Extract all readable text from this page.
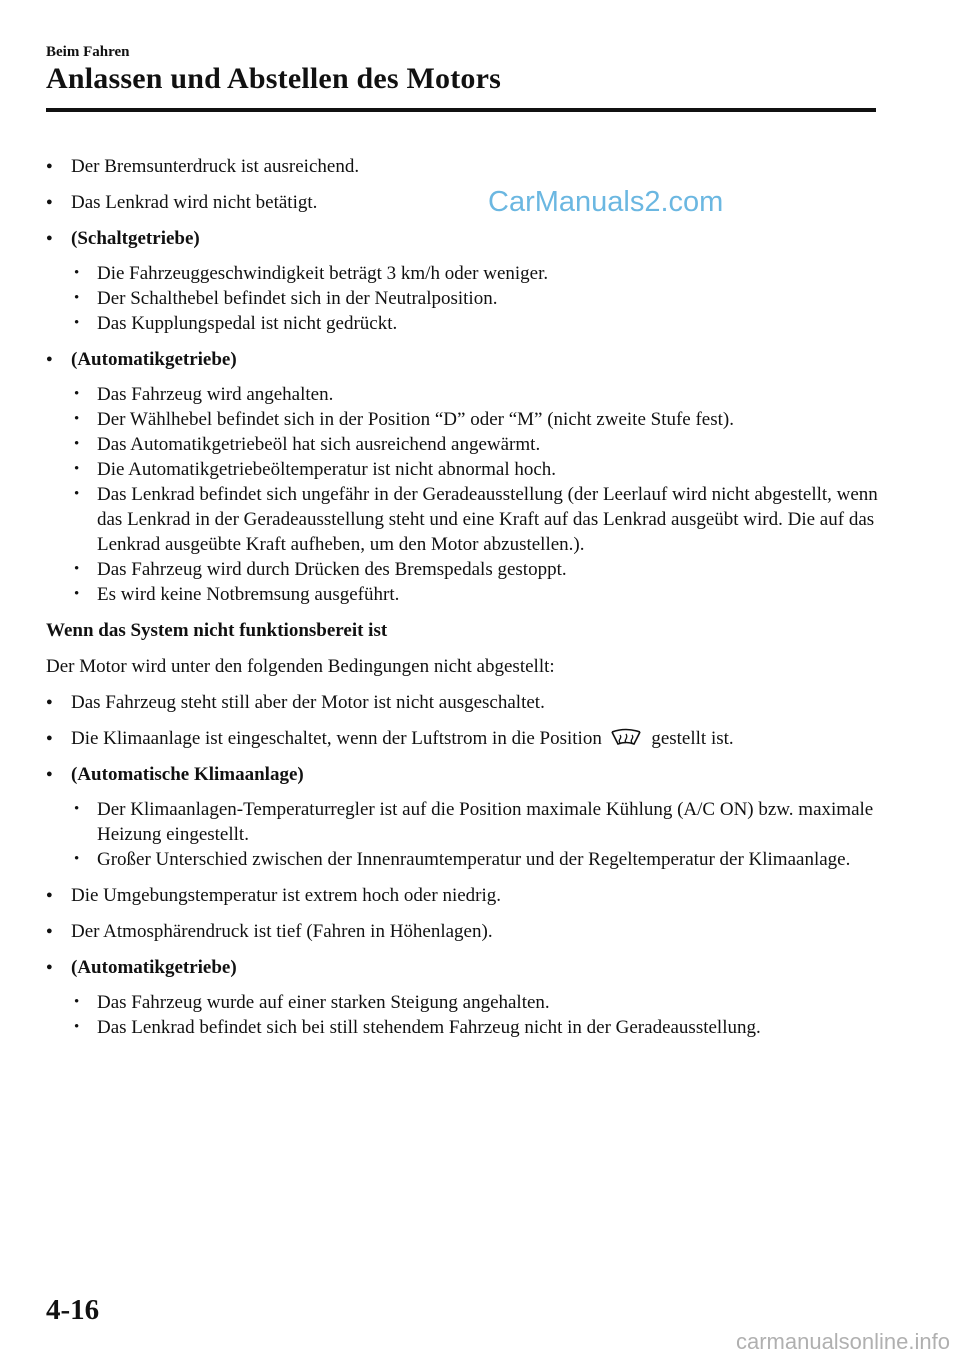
Beim Fahren
Anlassen und Abstellen des Motors
CarManuals2.com
● Der Bremsunterdruck ist ausreichend.
● Das Lenkrad wird nicht betätigt.
● (Schaltgetriebe)
• Die Fahrzeuggeschwindigkeit beträgt 3 km/h oder weniger.
• Der Schalthebel befindet sich in der Neutralposition.
• Das Kupplungspedal ist nicht gedrückt.
● (Automatikgetriebe)
• Das Fahrzeug wird angehalten.
• Der Wählhebel befindet sich in der Position “D” oder “M” (nicht zweite Stufe fest).
• Das Automatikgetriebeöl hat sich ausreichend angewärmt.
• Die Automatikgetriebeöltemperatur ist nicht abnormal hoch.
• Das Lenkrad befindet sich ungefähr in der Geradeausstellung (der Leerlauf wird nicht abgestellt, wenn das Lenkrad in der Geradeausstellung steht und eine Kraft auf das Lenkrad ausgeübt wird. Die auf das Lenkrad ausgeübte Kraft aufheben, um den Motor abzustellen.).
• Das Fahrzeug wird durch Drücken des Bremspedals gestoppt.
• Es wird keine Notbremsung ausgeführt.
Wenn das System nicht funktionsbereit ist
Der Motor wird unter den folgenden Bedingungen nicht abgestellt:
● Das Fahrzeug steht still aber der Motor ist nicht ausgeschaltet.
● Die Klimaanlage ist eingeschaltet, wenn der Luftstrom in die Position	gestellt ist.
● (Automatische Klimaanlage)
• Der Klimaanlagen-Temperaturregler ist auf die Position maximale Kühlung (A/C ON) bzw. maximale Heizung eingestellt.
• Großer Unterschied zwischen der Innenraumtemperatur und der Regeltemperatur der Klimaanlage.
● Die Umgebungstemperatur ist extrem hoch oder niedrig.
● Der Atmosphärendruck ist tief (Fahren in Höhenlagen).
● (Automatikgetriebe)
• Das Fahrzeug wurde auf einer starken Steigung angehalten.
• Das Lenkrad befindet sich bei still stehendem Fahrzeug nicht in der Geradeausstellung.
4-16
carmanualsonline.info
